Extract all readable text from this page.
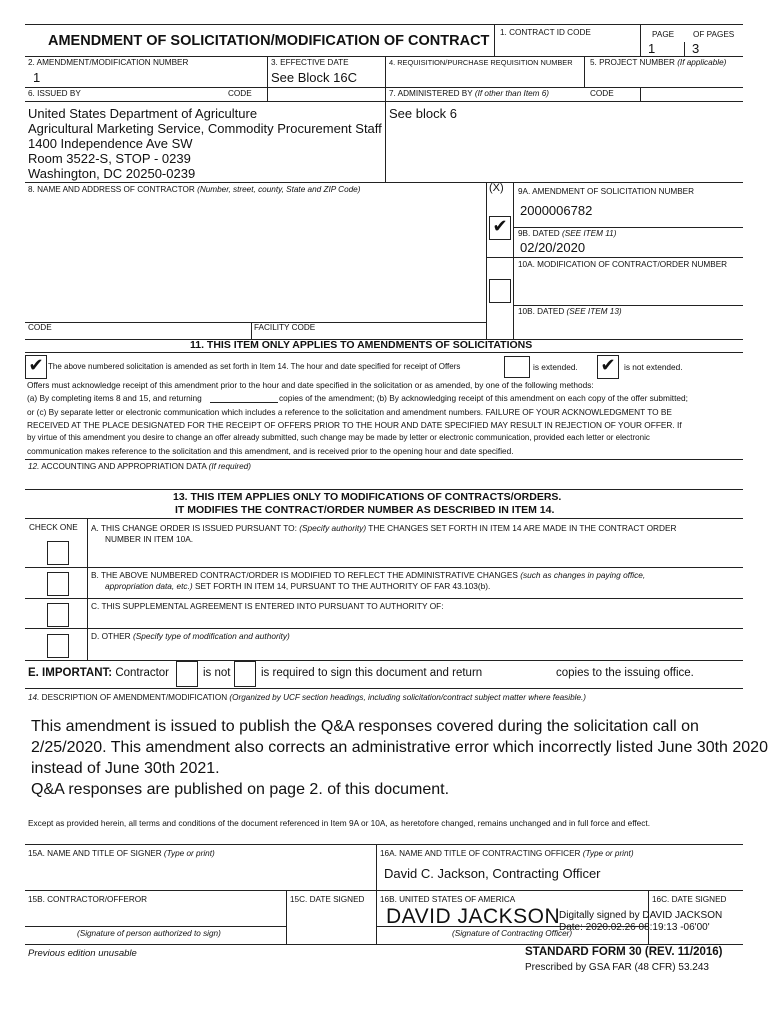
AMENDMENT OF SOLICITATION/MODIFICATION OF CONTRACT
1. CONTRACT ID CODE	PAGE OF PAGES
1	3
2. AMENDMENT/MODIFICATION NUMBER
1
3. EFFECTIVE DATE
See Block 16C
4. REQUISITION/PURCHASE REQUISITION NUMBER 5. PROJECT NUMBER (If applicable)
6. ISSUED BY	CODE	7. ADMINISTERED BY (If other than Item 6)	CODE
United States Department of Agriculture
Agricultural Marketing Service, Commodity Procurement Staff
1400 Independence Ave SW
Room 3522-S, STOP - 0239
Washington, DC 20250-0239
See block 6
8. NAME AND ADDRESS OF CONTRACTOR (Number, street, county, State and ZIP Code)	(X) 9A. AMENDMENT OF SOLICITATION NUMBER
2000006782
✔	9B. DATED (SEE ITEM 11)
02/20/2020
10A. MODIFICATION OF CONTRACT/ORDER NUMBER
10B. DATED (SEE ITEM 13)
CODE	FACILITY CODE
11. THIS ITEM ONLY APPLIES TO AMENDMENTS OF SOLICITATIONS
✔ The above numbered solicitation is amended as set forth in Item 14. The hour and date specified for receipt of Offers	is extended. ✔	is not extended.
Offers must acknowledge receipt of this amendment prior to the hour and date specified in the solicitation or as amended, by one of the following methods:
(a) By completing items 8 and 15, and returning	copies of the amendment; (b) By acknowledging receipt of this amendment on each copy of the offer submitted;
or (c) By separate letter or electronic communication which includes a reference to the solicitation and amendment numbers. FAILURE OF YOUR ACKNOWLEDGMENT TO BE
RECEIVED AT THE PLACE DESIGNATED FOR THE RECEIPT OF OFFERS PRIOR TO THE HOUR AND DATE SPECIFIED MAY RESULT IN REJECTION OF YOUR OFFER. If
by virtue of this amendment you desire to change an offer already submitted, such change may be made by letter or electronic communication, provided each letter or electronic
communication makes reference to the solicitation and this amendment, and is received prior to the opening hour and date specified.
12. ACCOUNTING AND APPROPRIATION DATA (If required)
13. THIS ITEM APPLIES ONLY TO MODIFICATIONS OF CONTRACTS/ORDERS.
IT MODIFIES THE CONTRACT/ORDER NUMBER AS DESCRIBED IN ITEM 14.
CHECK ONE A. THIS CHANGE ORDER IS ISSUED PURSUANT TO: (Specify authority) THE CHANGES SET FORTH IN ITEM 14 ARE MADE IN THE CONTRACT ORDER
NUMBER IN ITEM 10A.
B. THE ABOVE NUMBERED CONTRACT/ORDER IS MODIFIED TO REFLECT THE ADMINISTRATIVE CHANGES (such as changes in paying office,
appropriation data, etc.) SET FORTH IN ITEM 14, PURSUANT TO THE AUTHORITY OF FAR 43.103(b).
C. THIS SUPPLEMENTAL AGREEMENT IS ENTERED INTO PURSUANT TO AUTHORITY OF:
D. OTHER (Specify type of modification and authority)
E. IMPORTANT: Contractor	is not	is required to sign this document and return	copies to the issuing office.
14. DESCRIPTION OF AMENDMENT/MODIFICATION (Organized by UCF section headings, including solicitation/contract subject matter where feasible.)
This amendment is issued to publish the Q&A responses covered during the solicitation call on
2/25/2020. This amendment also corrects an administrative error which incorrectly listed June 30th 2020
instead of June 30th 2021.
Q&A responses are published on page 2. of this document.
Except as provided herein, all terms and conditions of the document referenced in Item 9A or 10A, as heretofore changed, remains unchanged and in full force and effect.
15A. NAME AND TITLE OF SIGNER (Type or print)	16A. NAME AND TITLE OF CONTRACTING OFFICER (Type or print)
David C. Jackson, Contracting Officer
15B. CONTRACTOR/OFFEROR	15C. DATE SIGNED 16B. UNITED STATES OF AMERICA	16C. DATE SIGNED
(Signature of person authorized to sign)
DAVID JACKSON
Digitally signed by DAVID JACKSON
Date: 2020.02.26 08:19:13 -06'00'
(Signature of Contracting Officer)
Previous edition unusable	STANDARD FORM 30 (REV. 11/2016)
Prescribed by GSA FAR (48 CFR) 53.243
